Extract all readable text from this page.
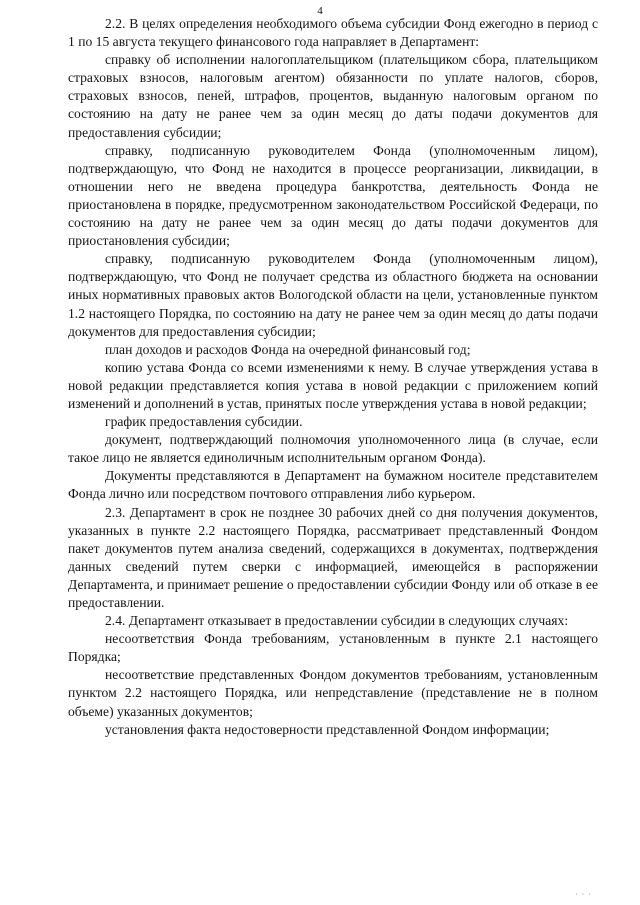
4

2.2. В целях определения необходимого объема субсидии Фонд ежегодно в период с 1 по 15 августа текущего финансового года направляет в Департамент:

справку об исполнении налогоплательщиком (плательщиком сбора, плательщиком страховых взносов, налоговым агентом) обязанности по уплате налогов, сборов, страховых взносов, пеней, штрафов, процентов, выданную налоговым органом по состоянию на дату не ранее чем за один месяц до даты подачи документов для предоставления субсидии;

справку, подписанную руководителем Фонда (уполномоченным лицом), подтверждающую, что Фонд не находится в процессе реорганизации, ликвидации, в отношении него не введена процедура банкротства, деятельность Фонда не приостановлена в порядке, предусмотренном законодательством Российской Федераци, по состоянию на дату не ранее чем за один месяц до даты подачи документов для приостановления субсидии;

справку, подписанную руководителем Фонда (уполномоченным лицом), подтверждающую, что Фонд не получает средства из областного бюджета на основании иных нормативных правовых актов Вологодской области на цели, установленные пунктом 1.2 настоящего Порядка, по состоянию на дату не ранее чем за один месяц до даты подачи документов для предоставления субсидии;

план доходов и расходов Фонда на очередной финансовый год;

копию устава Фонда со всеми изменениями к нему. В случае утверждения устава в новой редакции представляется копия устава в новой редакции с приложением копий изменений и дополнений в устав, принятых после утверждения устава в новой редакции;

график предоставления субсидии.

документ, подтверждающий полномочия уполномоченного лица (в случае, если такое лицо не является единоличным исполнительным органом Фонда).

Документы представляются в Департамент на бумажном носителе представителем Фонда лично или посредством почтового отправления либо курьером.

2.3. Департамент в срок не позднее 30 рабочих дней со дня получения документов, указанных в пункте 2.2 настоящего Порядка, рассматривает представленный Фондом пакет документов путем анализа сведений, содержащихся в документах, подтверждения данных сведений путем сверки с информацией, имеющейся в распоряжении Департамента, и принимает решение о предоставлении субсидии Фонду или об отказе в ее предоставлении.

2.4. Департамент отказывает в предоставлении субсидии в следующих случаях:

несоответствия Фонда требованиям, установленным в пункте 2.1 настоящего Порядка;

несоответствие представленных Фондом документов требованиям, установленным пунктом 2.2 настоящего Порядка, или непредставление (представление не в полном объеме) указанных документов;

установления факта недостоверности представленной Фондом информации;

· · ·
